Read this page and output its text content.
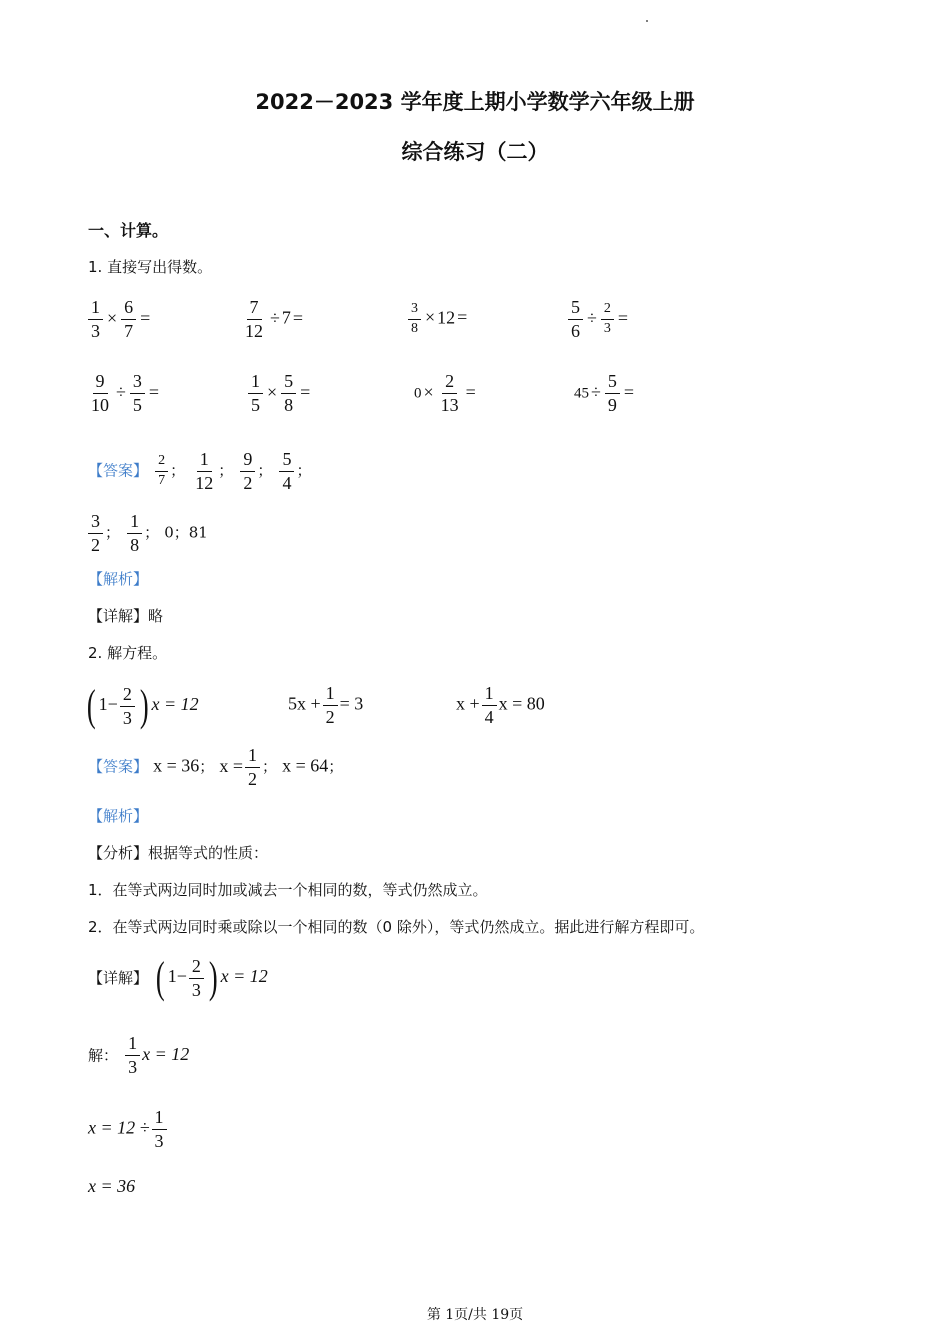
2022－2023 学年度上期小学数学六年级上册
综合练习（二）
一、计算。
1. 直接写出得数。
$\frac{1}{3} \times \frac{6}{7}$ =	$\frac{7}{12} \div 7$ =	$\frac{3}{8} \times 12$ =	$\frac{5}{6} \div \frac{2}{3}$ =
$\frac{9}{10} \div \frac{3}{5}$ =	$\frac{1}{5} \times \frac{5}{8}$ =	$0 \times \frac{2}{13}$ =	$45 \div \frac{5}{9}$ =
【答案】 $\frac{2}{7}$ ； $\frac{1}{12}$ ； $\frac{9}{2}$ ； $\frac{5}{4}$ ；
$\frac{3}{2}$ ； $\frac{1}{8}$ ； 0；81
【解析】
【详解】略
2. 解方程。
( $1- \frac{2}{3}$ ) x = 12	$5x + \frac{1}{2} = 3$	$x + \frac{1}{4}$ x = 80
【答案】 x = 36； $x = \frac{1}{2}$ ； x = 64；
【解析】
【分析】根据等式的性质：
1．在等式两边同时加或减去一个相同的数，等式仍然成立。
2．在等式两边同时乘或除以一个相同的数（0 除外），等式仍然成立。据此进行解方程即可。
【详解】 ( $1- \frac{2}{3}$ ) x = 12
解： $\frac{1}{3}$ x = 12
$x = 12 \div \frac{1}{3}$
x = 36
第 1页/共 19页
